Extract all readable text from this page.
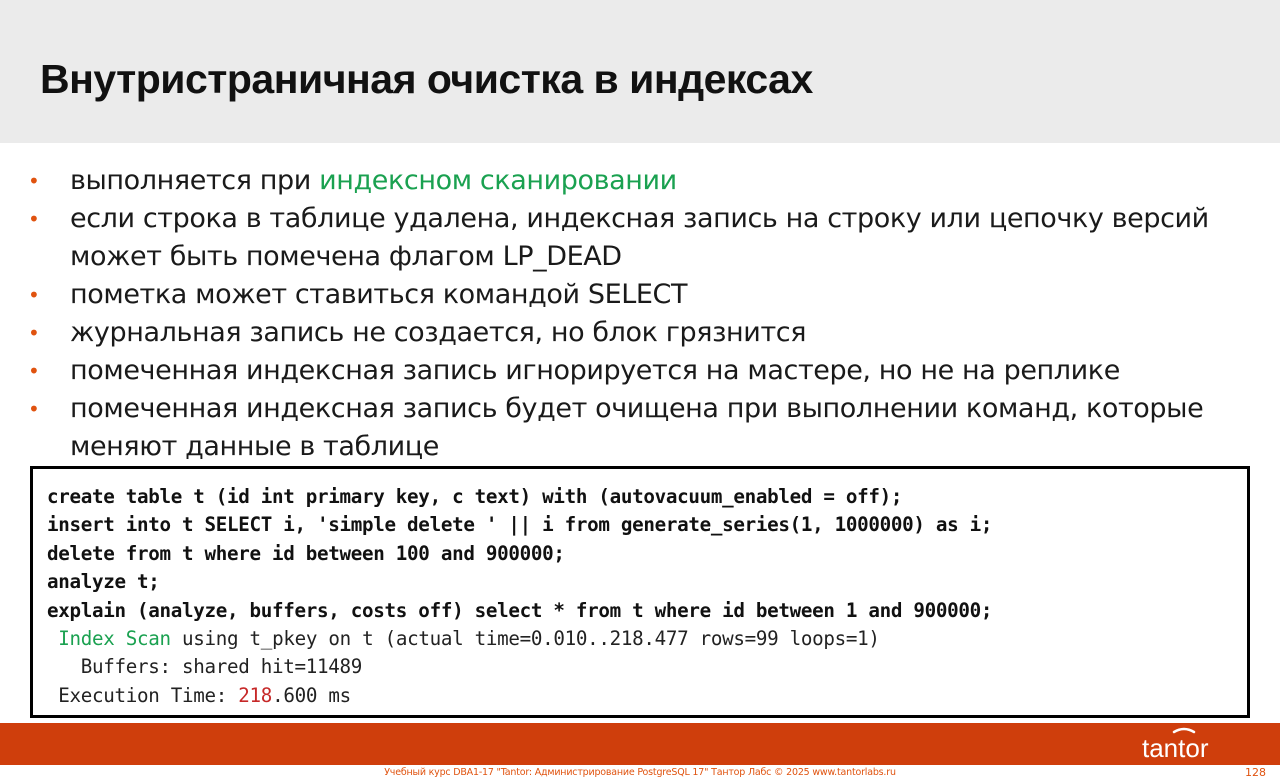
Внутристраничная очистка в индексах
• выполняется при индексном сканировании
• если строка в таблице удалена, индексная запись на строку или цепочку версий может быть помечена флагом LP_DEAD
• пометка может ставиться командой SELECT
• журнальная запись не создается, но блок грязнится
• помеченная индексная запись игнорируется на мастере, но не на реплике
• помеченная индексная запись будет очищена при выполнении команд, которые меняют данные в таблице
create table t (id int primary key, c text) with (autovacuum_enabled = off);
insert into t SELECT i, 'simple delete ' || i from generate_series(1, 1000000) as i;
delete from t where id between 100 and 900000;
analyze t;
explain (analyze, buffers, costs off) select * from t where id between 1 and 900000;
Index Scan using t_pkey on t (actual time=0.010..218.477 rows=99 loops=1)
Buffers: shared hit=11489
Execution Time: 218.600 ms
tantor
Учебный курс DBA1-17 "Tantor: Администрирование PostgreSQL 17" Тантор Лабс © 2025 www.tantorlabs.ru	128
